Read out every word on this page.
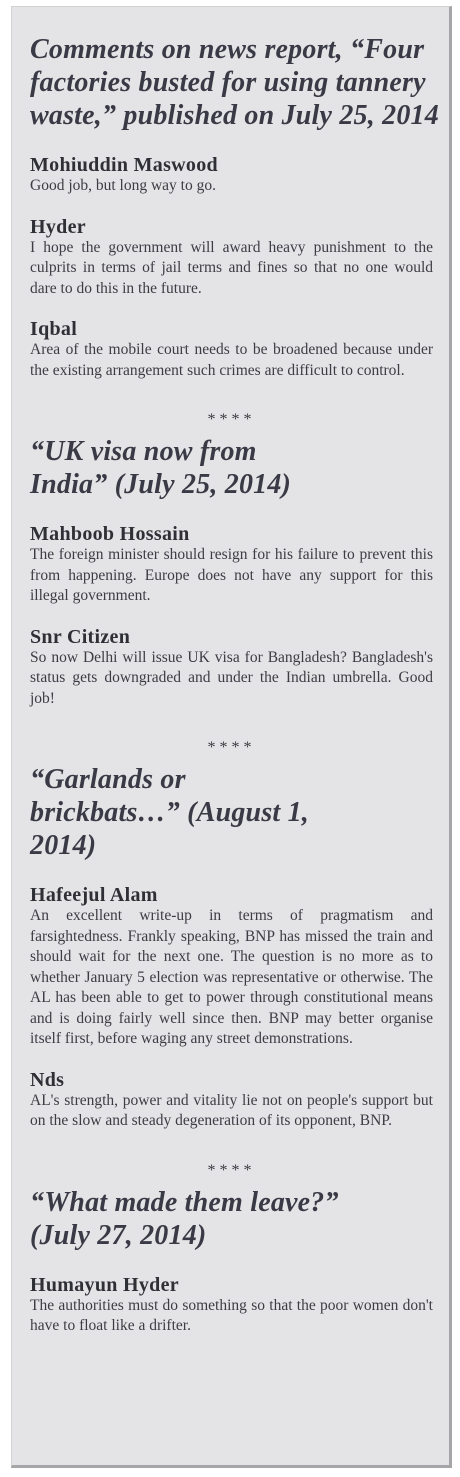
Comments on news report, “Four factories busted for using tannery waste,” published on July 25, 2014

Mohiuddin Maswood

Good job, but long way to go.

Hyder

I hope the government will award heavy punishment to the culprits in terms of jail terms and fines so that no one would dare to do this in the future.

Iqbal

Area of the mobile court needs to be broadened because under the existing arrangement such crimes are difficult to control.

****

“UK visa now from India” (July 25, 2014)

Mahboob Hossain

The foreign minister should resign for his failure to prevent this from happening. Europe does not have any support for this illegal government.

Snr Citizen

So now Delhi will issue UK visa for Bangladesh? Bangladesh's status gets downgraded and under the Indian umbrella. Good job!

****

“Garlands or brickbats…” (August 1, 2014)

Hafeejul Alam

An excellent write-up in terms of pragmatism and farsightedness. Frankly speaking, BNP has missed the train and should wait for the next one. The question is no more as to whether January 5 election was representative or otherwise. The AL has been able to get to power through constitutional means and is doing fairly well since then. BNP may better organise itself first, before waging any street demonstrations.

Nds

AL's strength, power and vitality lie not on people's support but on the slow and steady degeneration of its opponent, BNP.

****

“What made them leave?” (July 27, 2014)

Humayun Hyder

The authorities must do something so that the poor women don't have to float like a drifter.
